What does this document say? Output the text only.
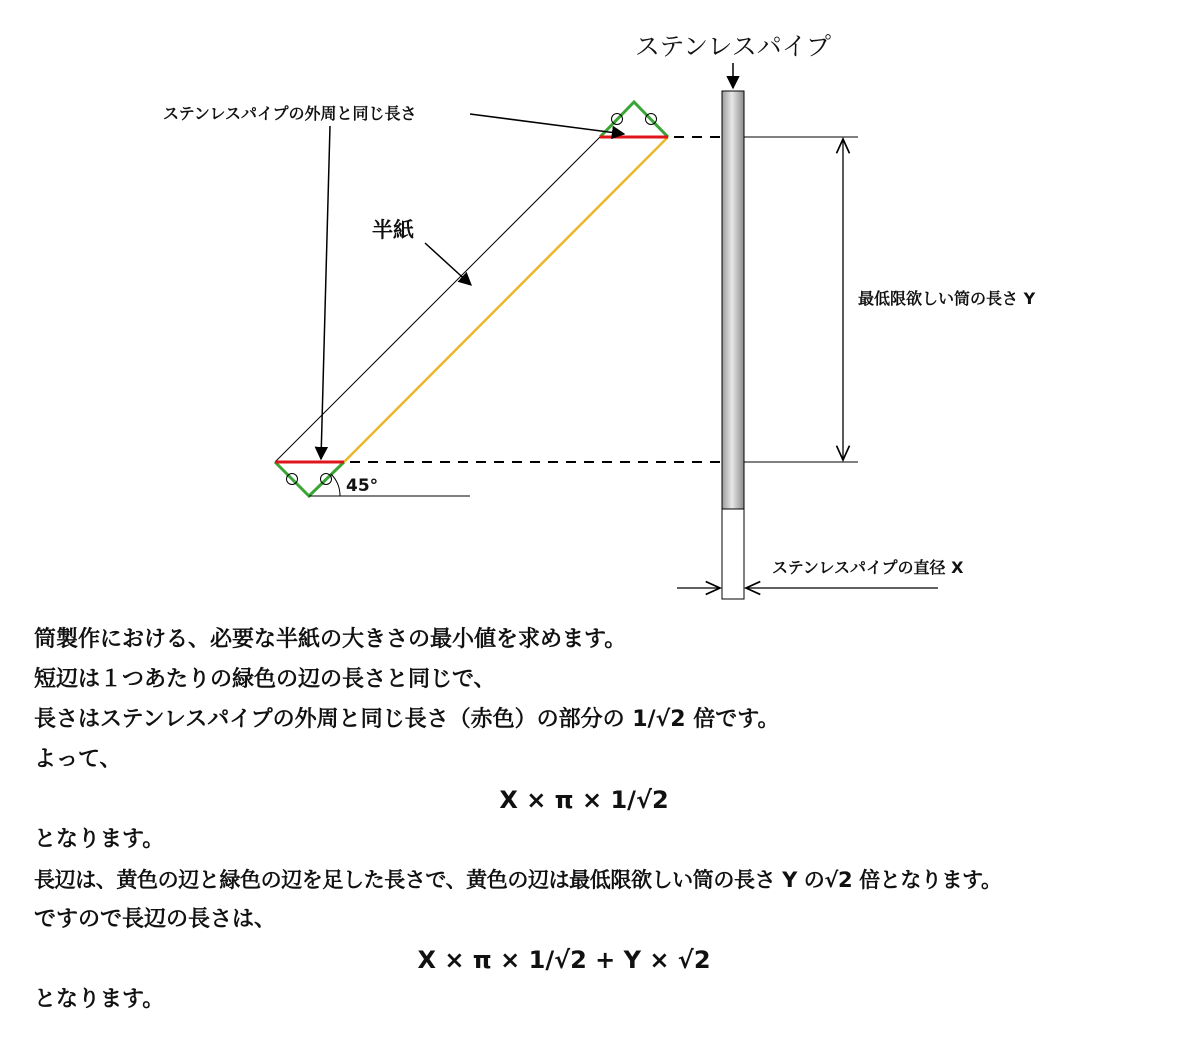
ステンレスパイプ
45°
ステンレスパイプの外周と同じ長さ
半紙
最低限欲しい筒の長さ Y
ステンレスパイプの直径 X

筒製作における、必要な半紙の大きさの最小値を求めます。

短辺は１つあたりの緑色の辺の長さと同じで、

長さはステンレスパイプの外周と同じ長さ（赤色）の部分の 1/√2 倍です。

よって、

X × π × 1/√2

となります。

長辺は、黄色の辺と緑色の辺を足した長さで、黄色の辺は最低限欲しい筒の長さ Y の√2 倍となります。

ですので長辺の長さは、

X × π × 1/√2 + Y × √2

となります。
